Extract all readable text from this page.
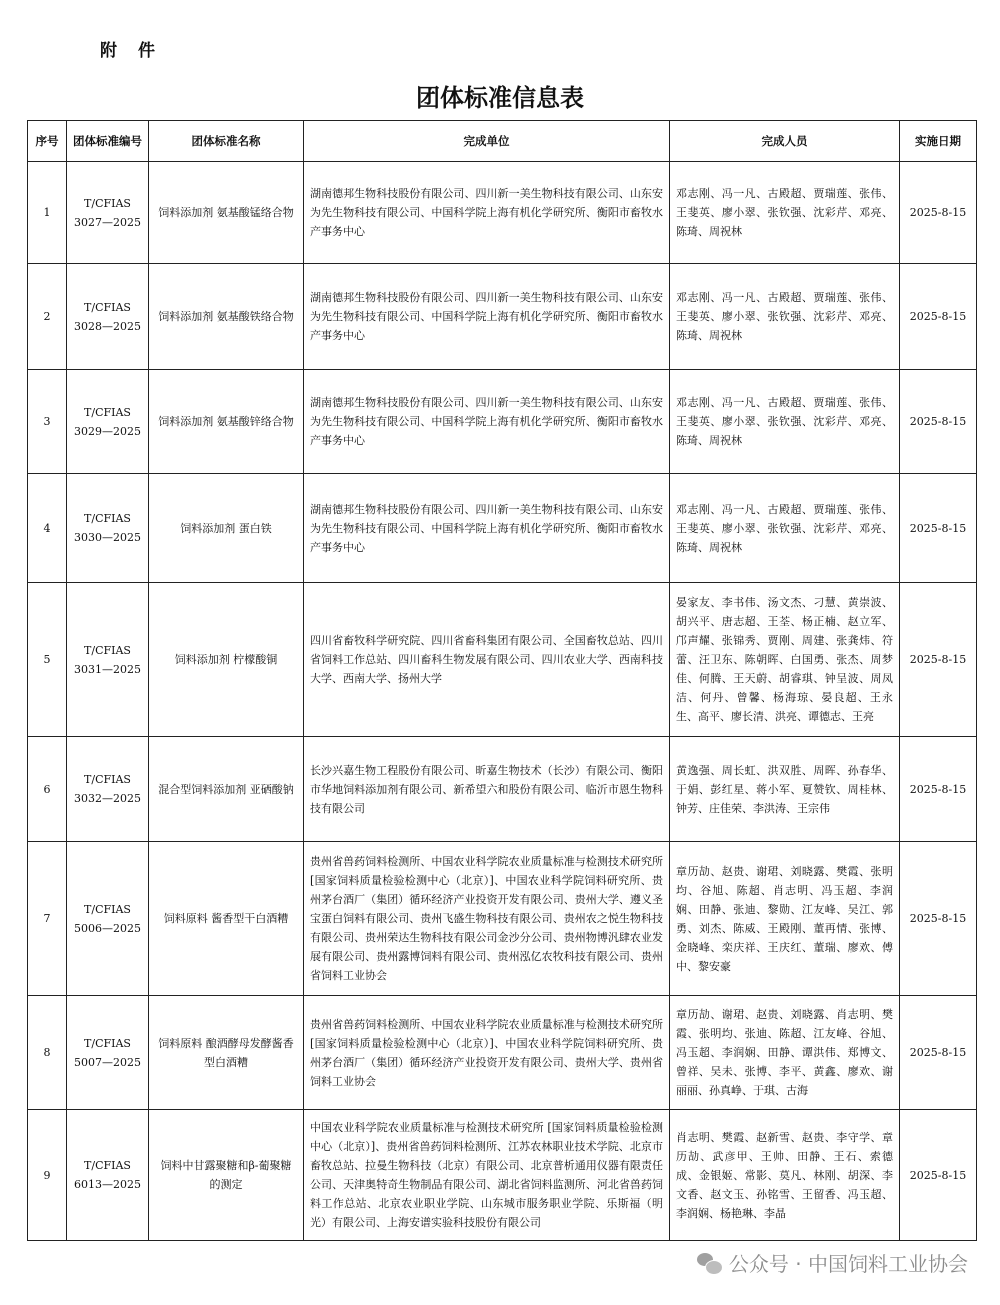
附　件
团体标准信息表
序号	团体标准编号	团体标准名称	完成单位	完成人员	实施日期
1	T/CFIAS 3027—2025	饲料添加剂 氨基酸锰络合物	湖南德邦生物科技股份有限公司、四川新一美生物科技有限公司、山东安为先生物科技有限公司、中国科学院上海有机化学研究所、衡阳市畜牧水产事务中心	邓志刚、冯一凡、古殿超、贾瑞莲、张伟、王斐英、廖小翠、张钦强、沈彩芹、邓亮、陈琦、周祝林	2025-8-15
2	T/CFIAS 3028—2025	饲料添加剂 氨基酸铁络合物	湖南德邦生物科技股份有限公司、四川新一美生物科技有限公司、山东安为先生物科技有限公司、中国科学院上海有机化学研究所、衡阳市畜牧水产事务中心	邓志刚、冯一凡、古殿超、贾瑞莲、张伟、王斐英、廖小翠、张钦强、沈彩芹、邓亮、陈琦、周祝林	2025-8-15
3	T/CFIAS 3029—2025	饲料添加剂 氨基酸锌络合物	湖南德邦生物科技股份有限公司、四川新一美生物科技有限公司、山东安为先生物科技有限公司、中国科学院上海有机化学研究所、衡阳市畜牧水产事务中心	邓志刚、冯一凡、古殿超、贾瑞莲、张伟、王斐英、廖小翠、张钦强、沈彩芹、邓亮、陈琦、周祝林	2025-8-15
4	T/CFIAS 3030—2025	饲料添加剂 蛋白铁	湖南德邦生物科技股份有限公司、四川新一美生物科技有限公司、山东安为先生物科技有限公司、中国科学院上海有机化学研究所、衡阳市畜牧水产事务中心	邓志刚、冯一凡、古殿超、贾瑞莲、张伟、王斐英、廖小翠、张钦强、沈彩芹、邓亮、陈琦、周祝林	2025-8-15
5	T/CFIAS 3031—2025	饲料添加剂 柠檬酸铜	四川省畜牧科学研究院、四川省畜科集团有限公司、全国畜牧总站、四川省饲料工作总站、四川畜科生物发展有限公司、四川农业大学、西南科技大学、西南大学、扬州大学	晏家友、李书伟、汤文杰、刁慧、黄崇波、胡兴平、唐志超、王荃、杨正楠、赵立军、邝声耀、张锦秀、贾刚、周建、张龚炜、符蕾、汪卫东、陈朝晖、白国勇、张杰、周梦佳、何腾、王天蔚、胡睿琪、钟呈波、周凤洁、何丹、曾馨、杨海琼、晏良超、王永生、高平、廖长清、洪亮、谭德志、王亮	2025-8-15
6	T/CFIAS 3032—2025	混合型饲料添加剂 亚硒酸钠	长沙兴嘉生物工程股份有限公司、昕嘉生物技术（长沙）有限公司、衡阳市华地饲料添加剂有限公司、新希望六和股份有限公司、临沂市恩生物科技有限公司	黄逸强、周长虹、洪双胜、周晖、孙春华、于娟、彭红星、蒋小军、夏赞钦、周桂林、钟芳、庄佳荣、李洪涛、王宗伟	2025-8-15
7	T/CFIAS 5006—2025	饲料原料 酱香型干白酒糟	贵州省兽药饲料检测所、中国农业科学院农业质量标准与检测技术研究所[国家饲料质量检验检测中心（北京）]、中国农业科学院饲料研究所、贵州茅台酒厂（集团）循环经济产业投资开发有限公司、贵州大学、遵义圣宝蛋白饲料有限公司、贵州飞盛生物科技有限公司、贵州农之悦生物科技有限公司、贵州荣达生物科技有限公司金沙分公司、贵州物博汎肆农业发展有限公司、贵州露博饲料有限公司、贵州泓亿农牧科技有限公司、贵州省饲料工业协会	章历劼、赵贵、谢珺、刘晓露、樊霞、张明均、谷旭、陈超、肖志明、冯玉超、李润娴、田静、张迪、黎勋、江友峰、吴江、郭勇、刘杰、陈威、王殿刚、董再情、张博、金晓峰、栾庆祥、王庆红、董瑞、廖欢、傅中、黎安豪	2025-8-15
8	T/CFIAS 5007—2025	饲料原料 酿酒酵母发酵酱香型白酒糟	贵州省兽药饲料检测所、中国农业科学院农业质量标准与检测技术研究所[国家饲料质量检验检测中心（北京）]、中国农业科学院饲料研究所、贵州茅台酒厂（集团）循环经济产业投资开发有限公司、贵州大学、贵州省饲料工业协会	章历劼、谢珺、赵贵、刘晓露、肖志明、樊霞、张明均、张迪、陈超、江友峰、谷旭、冯玉超、李润娴、田静、谭洪伟、郑博文、曾祥、吴未、张博、李平、黄鑫、廖欢、谢丽丽、孙真峥、于琪、古海	2025-8-15
9	T/CFIAS 6013—2025	饲料中甘露聚糖和β-葡聚糖的测定	中国农业科学院农业质量标准与检测技术研究所 [国家饲料质量检验检测中心（北京）]、贵州省兽药饲料检测所、江苏农林职业技术学院、北京市畜牧总站、拉曼生物科技（北京）有限公司、北京普析通用仪器有限责任公司、天津奥特奇生物制品有限公司、湖北省饲料监测所、河北省兽药饲料工作总站、北京农业职业学院、山东城市服务职业学院、乐斯福（明光）有限公司、上海安谱实验科技股份有限公司	肖志明、樊霞、赵新雪、赵贵、李守学、章历劼、武彦甲、王帅、田静、王石、索德成、金银姬、常影、莫凡、林刚、胡深、李文香、赵文玉、孙铭雪、王留香、冯玉超、李润娴、杨艳琳、李晶	2025-8-15
公众号 · 中国饲料工业协会
